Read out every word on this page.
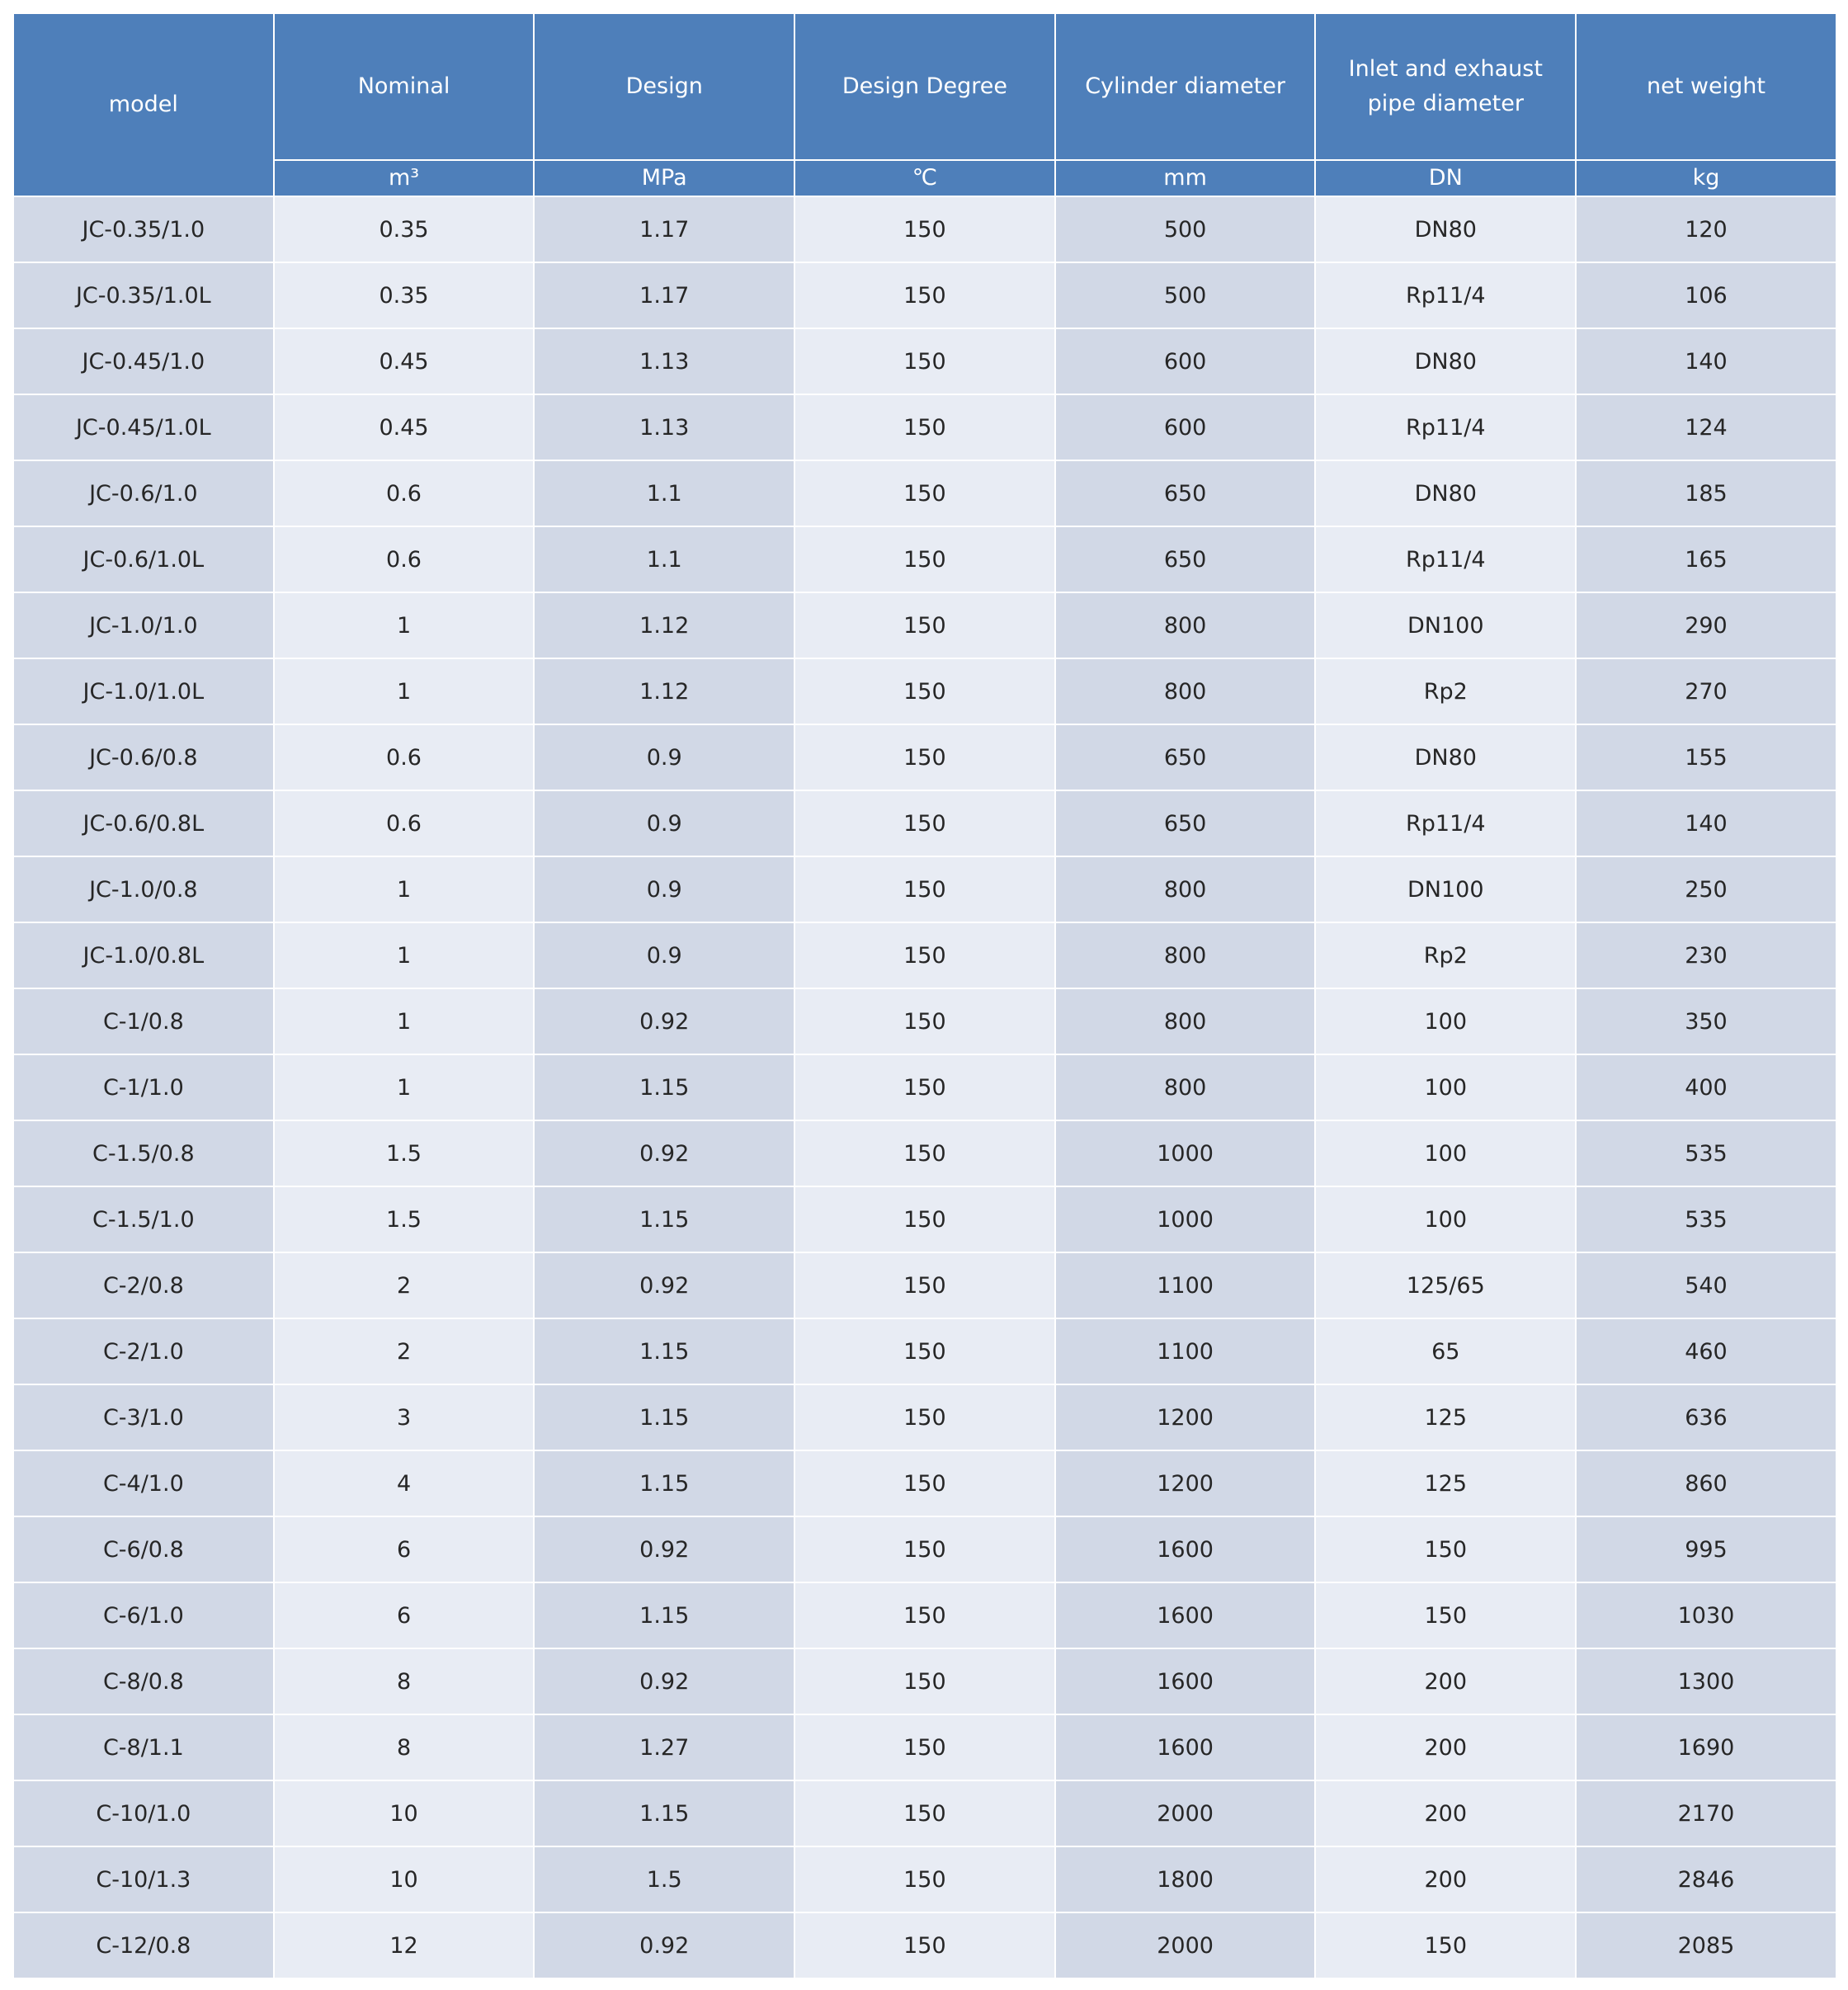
model	Nominal	Design	Design Degree	Cylinder diameter	Inlet and exhaust pipe diameter	net weight
	m³	MPa	℃	mm	DN	kg
JC-0.35/1.0	0.35	1.17	150	500	DN80	120
JC-0.35/1.0L	0.35	1.17	150	500	Rp11/4	106
JC-0.45/1.0	0.45	1.13	150	600	DN80	140
JC-0.45/1.0L	0.45	1.13	150	600	Rp11/4	124
JC-0.6/1.0	0.6	1.1	150	650	DN80	185
JC-0.6/1.0L	0.6	1.1	150	650	Rp11/4	165
JC-1.0/1.0	1	1.12	150	800	DN100	290
JC-1.0/1.0L	1	1.12	150	800	Rp2	270
JC-0.6/0.8	0.6	0.9	150	650	DN80	155
JC-0.6/0.8L	0.6	0.9	150	650	Rp11/4	140
JC-1.0/0.8	1	0.9	150	800	DN100	250
JC-1.0/0.8L	1	0.9	150	800	Rp2	230
C-1/0.8	1	0.92	150	800	100	350
C-1/1.0	1	1.15	150	800	100	400
C-1.5/0.8	1.5	0.92	150	1000	100	535
C-1.5/1.0	1.5	1.15	150	1000	100	535
C-2/0.8	2	0.92	150	1100	125/65	540
C-2/1.0	2	1.15	150	1100	65	460
C-3/1.0	3	1.15	150	1200	125	636
C-4/1.0	4	1.15	150	1200	125	860
C-6/0.8	6	0.92	150	1600	150	995
C-6/1.0	6	1.15	150	1600	150	1030
C-8/0.8	8	0.92	150	1600	200	1300
C-8/1.1	8	1.27	150	1600	200	1690
C-10/1.0	10	1.15	150	2000	200	2170
C-10/1.3	10	1.5	150	1800	200	2846
C-12/0.8	12	0.92	150	2000	150	2085
